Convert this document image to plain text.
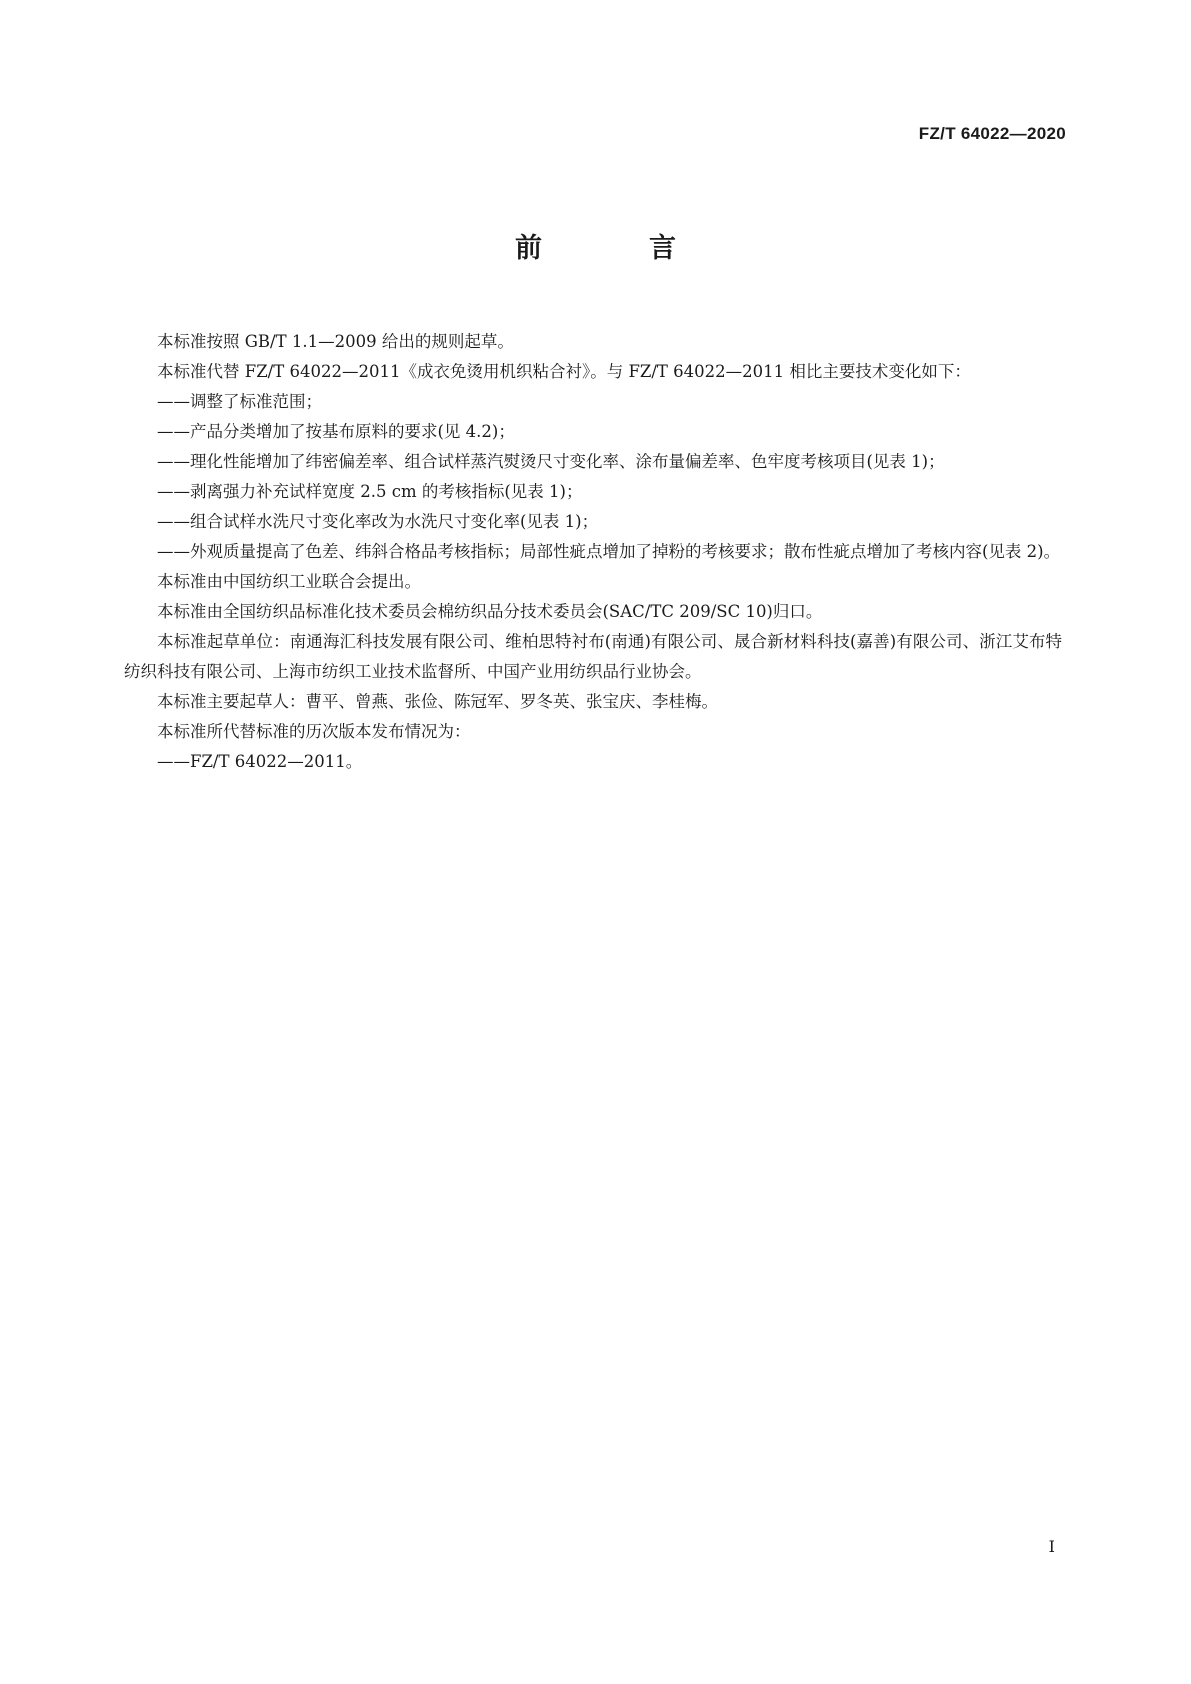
FZ/T 64022—2020
前　言

本标准按照 GB/T 1.1—2009 给出的规则起草。

本标准代替 FZ/T 64022—2011《成衣免烫用机织粘合衬》。与 FZ/T 64022—2011 相比主要技术变化如下：

——调整了标准范围；

——产品分类增加了按基布原料的要求(见 4.2)；

——理化性能增加了纬密偏差率、组合试样蒸汽熨烫尺寸变化率、涂布量偏差率、色牢度考核项目(见表 1)；

——剥离强力补充试样宽度 2.5 cm 的考核指标(见表 1)；

——组合试样水洗尺寸变化率改为水洗尺寸变化率(见表 1)；

——外观质量提高了色差、纬斜合格品考核指标；局部性疵点增加了掉粉的考核要求；散布性疵点增加了考核内容(见表 2)。

本标准由中国纺织工业联合会提出。

本标准由全国纺织品标准化技术委员会棉纺织品分技术委员会(SAC/TC 209/SC 10)归口。

本标准起草单位：南通海汇科技发展有限公司、维柏思特衬布(南通)有限公司、晟合新材料科技(嘉善)有限公司、浙江艾布特纺织科技有限公司、上海市纺织工业技术监督所、中国产业用纺织品行业协会。

本标准主要起草人：曹平、曾燕、张俭、陈冠军、罗冬英、张宝庆、李桂梅。

本标准所代替标准的历次版本发布情况为：

——FZ/T 64022—2011。

I
